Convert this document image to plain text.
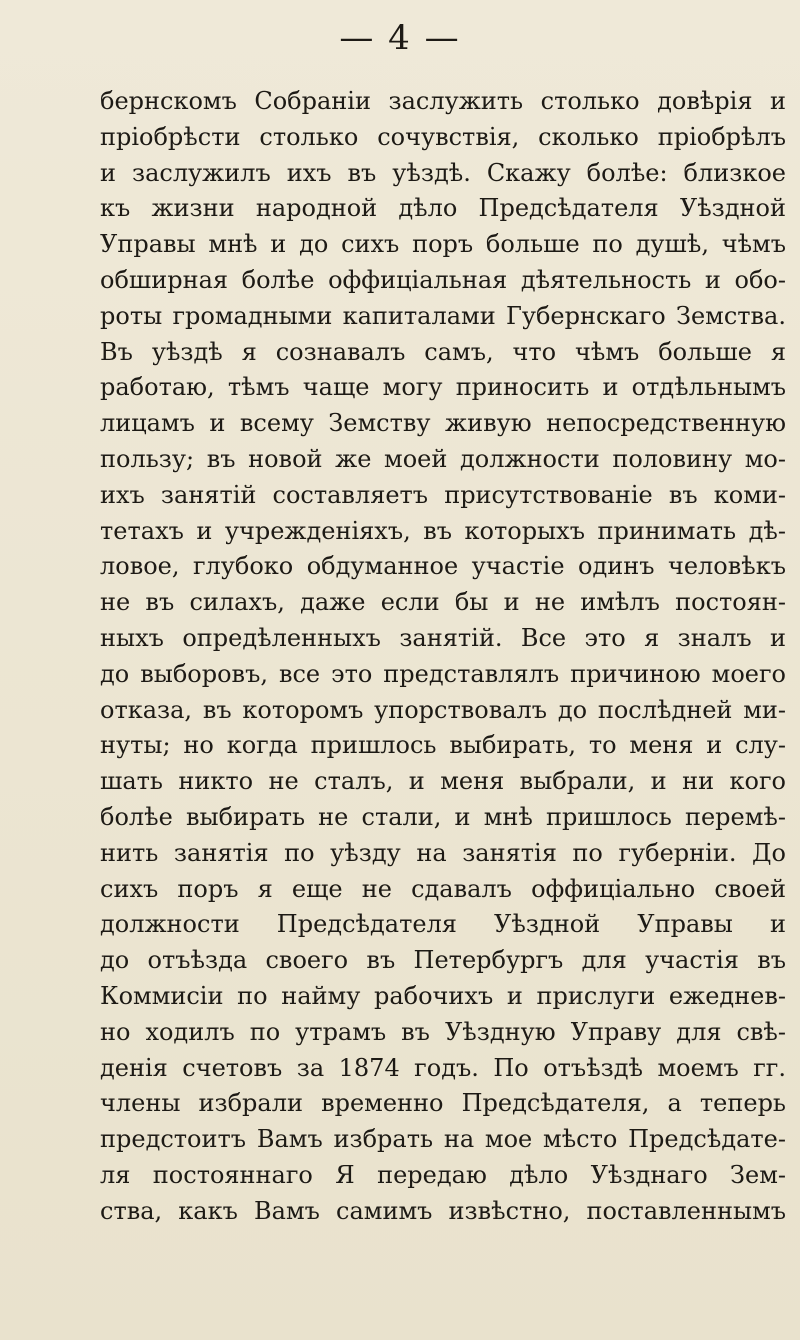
— 4 —
бернскомъ Собраніи заслужить столько довѣрія и
пріобрѣсти столько сочувствія, сколько пріобрѣлъ
и заслужилъ ихъ въ уѣздѣ. Скажу болѣе: близкое
къ жизни народной дѣло Предсѣдателя Уѣздной
Управы мнѣ и до сихъ поръ больше по душѣ, чѣмъ
обширная болѣе оффиціальная дѣятельность и обо-
роты громадными капиталами Губернскаго Земства.
Въ уѣздѣ я сознавалъ самъ, что чѣмъ больше я
работаю, тѣмъ чаще могу приносить и отдѣльнымъ
лицамъ и всему Земству живую непосредственную
пользу; въ новой же моей должности половину мо-
ихъ занятій составляетъ присутствованіе въ коми-
тетахъ и учрежденіяхъ, въ которыхъ принимать дѣ-
ловое, глубоко обдуманное участіе одинъ человѣкъ
не въ силахъ, даже если бы и не имѣлъ постоян-
ныхъ опредѣленныхъ занятій. Все это я зналъ и
до выборовъ, все это представлялъ причиною моего
отказа, въ которомъ упорствовалъ до послѣдней ми-
нуты; но когда пришлось выбирать, то меня и слу-
шать никто не сталъ, и меня выбрали, и ни кого
болѣе выбирать не стали, и мнѣ пришлось перемѣ-
нить занятія по уѣзду на занятія по губерніи. До
сихъ поръ я еще не сдавалъ оффиціально своей
должности Предсѣдателя Уѣздной Управы и
до отъѣзда своего въ Петербургъ для участія въ
Коммисіи по найму рабочихъ и прислуги ежеднев-
но ходилъ по утрамъ въ Уѣздную Управу для свѣ-
денія счетовъ за 1874 годъ. По отъѣздѣ моемъ гг.
члены избрали временно Предсѣдателя, а теперь
предстоитъ Вамъ избрать на мое мѣсто Предсѣдате-
ля постояннаго Я передаю дѣло Уѣзднаго Зем-
ства, какъ Вамъ самимъ извѣстно, поставленнымъ
